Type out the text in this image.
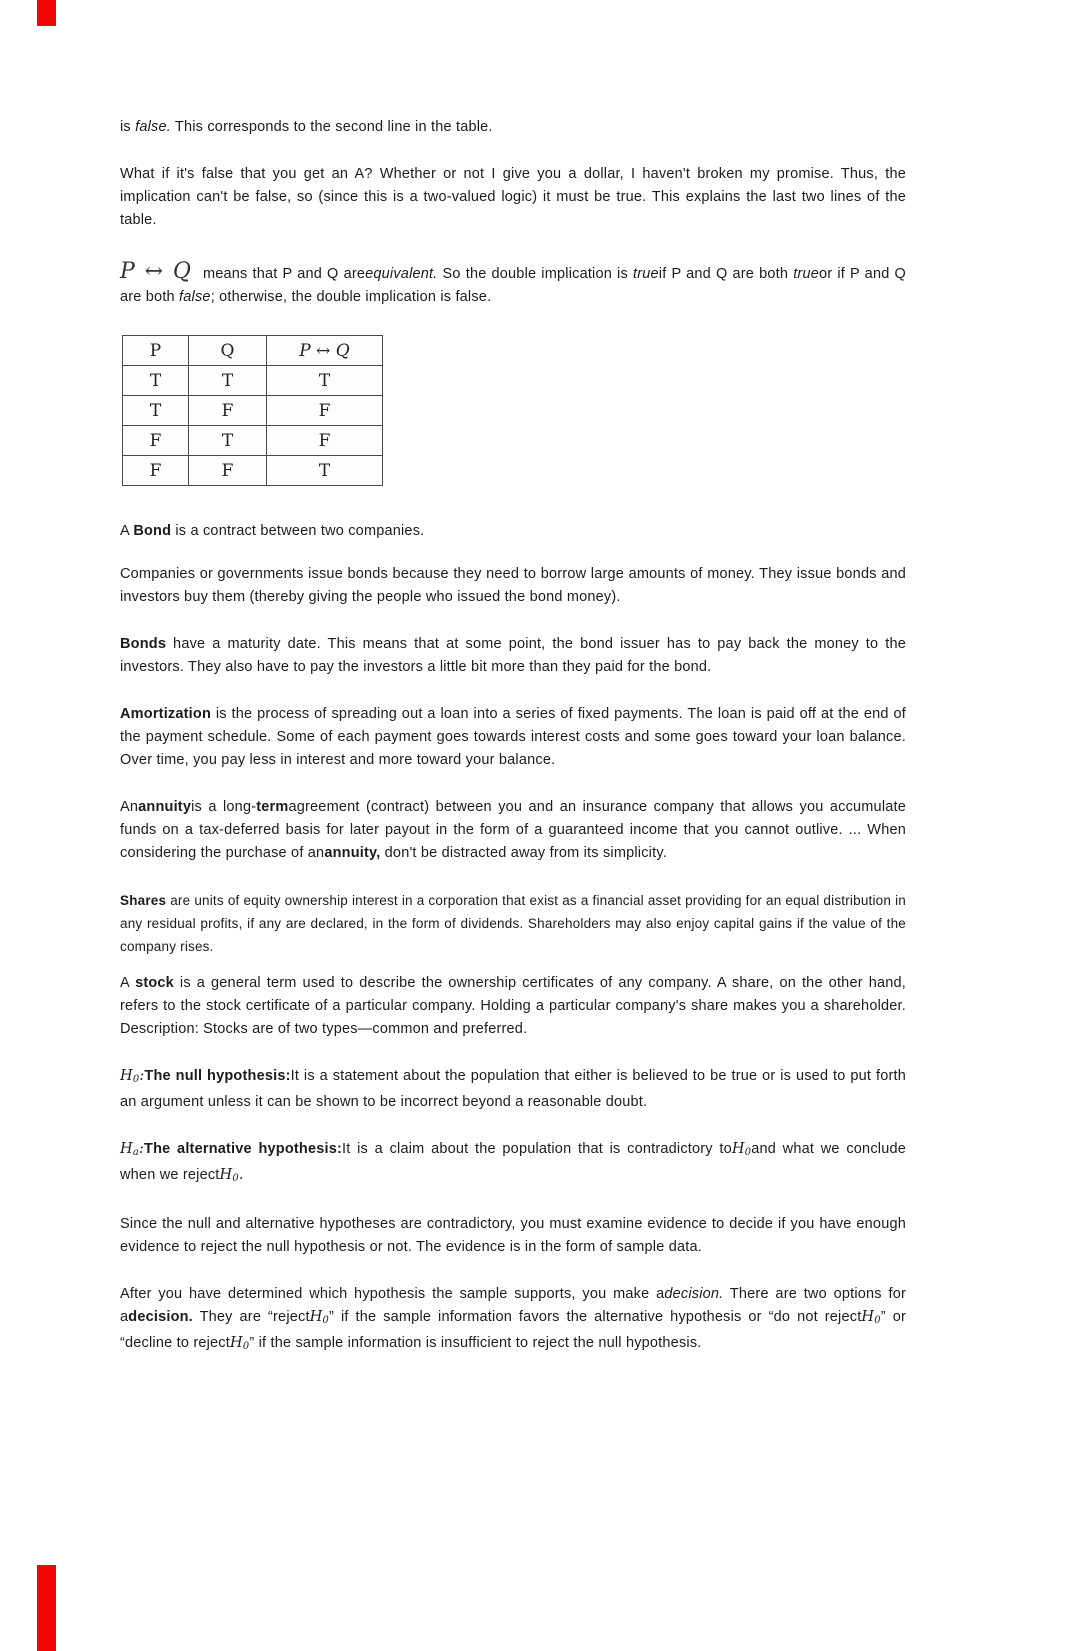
is false. This corresponds to the second line in the table.

What if it's false that you get an A? Whether or not I give you a dollar, I haven't broken my promise. Thus, the implication can't be false, so (since this is a two-valued logic) it must be true. This explains the last two lines of the table.

P ↔ Q means that P and Q areequivalent. So the double implication is trueif P and Q are both trueor if P and Q are both false; otherwise, the double implication is false.

P	Q	P ↔ Q
T	T	T
T	F	F
F	T	F
F	F	T

A Bond is a contract between two companies.

Companies or governments issue bonds because they need to borrow large amounts of money. They issue bonds and investors buy them (thereby giving the people who issued the bond money).

Bonds have a maturity date. This means that at some point, the bond issuer has to pay back the money to the investors. They also have to pay the investors a little bit more than they paid for the bond.

Amortization is the process of spreading out a loan into a series of fixed payments. The loan is paid off at the end of the payment schedule. Some of each payment goes towards interest costs and some goes toward your loan balance. Over time, you pay less in interest and more toward your balance.

Anannuityis a long-termagreement (contract) between you and an insurance company that allows you accumulate funds on a tax-deferred basis for later payout in the form of a guaranteed income that you cannot outlive. ... When considering the purchase of anannuity, don't be distracted away from its simplicity.

Shares are units of equity ownership interest in a corporation that exist as a financial asset providing for an equal distribution in any residual profits, if any are declared, in the form of dividends. Shareholders may also enjoy capital gains if the value of the company rises.

A stock is a general term used to describe the ownership certificates of any company. A share, on the other hand, refers to the stock certificate of a particular company. Holding a particular company's share makes you a shareholder. Description: Stocks are of two types—common and preferred.

H0:The null hypothesis:It is a statement about the population that either is believed to be true or is used to put forth an argument unless it can be shown to be incorrect beyond a reasonable doubt.

Ha:The alternative hypothesis:It is a claim about the population that is contradictory toH0and what we conclude when we rejectH0.

Since the null and alternative hypotheses are contradictory, you must examine evidence to decide if you have enough evidence to reject the null hypothesis or not. The evidence is in the form of sample data.

After you have determined which hypothesis the sample supports, you make adecision. There are two options for adecision. They are “rejectH0” if the sample information favors the alternative hypothesis or “do not rejectH0” or “decline to rejectH0” if the sample information is insufficient to reject the null hypothesis.
